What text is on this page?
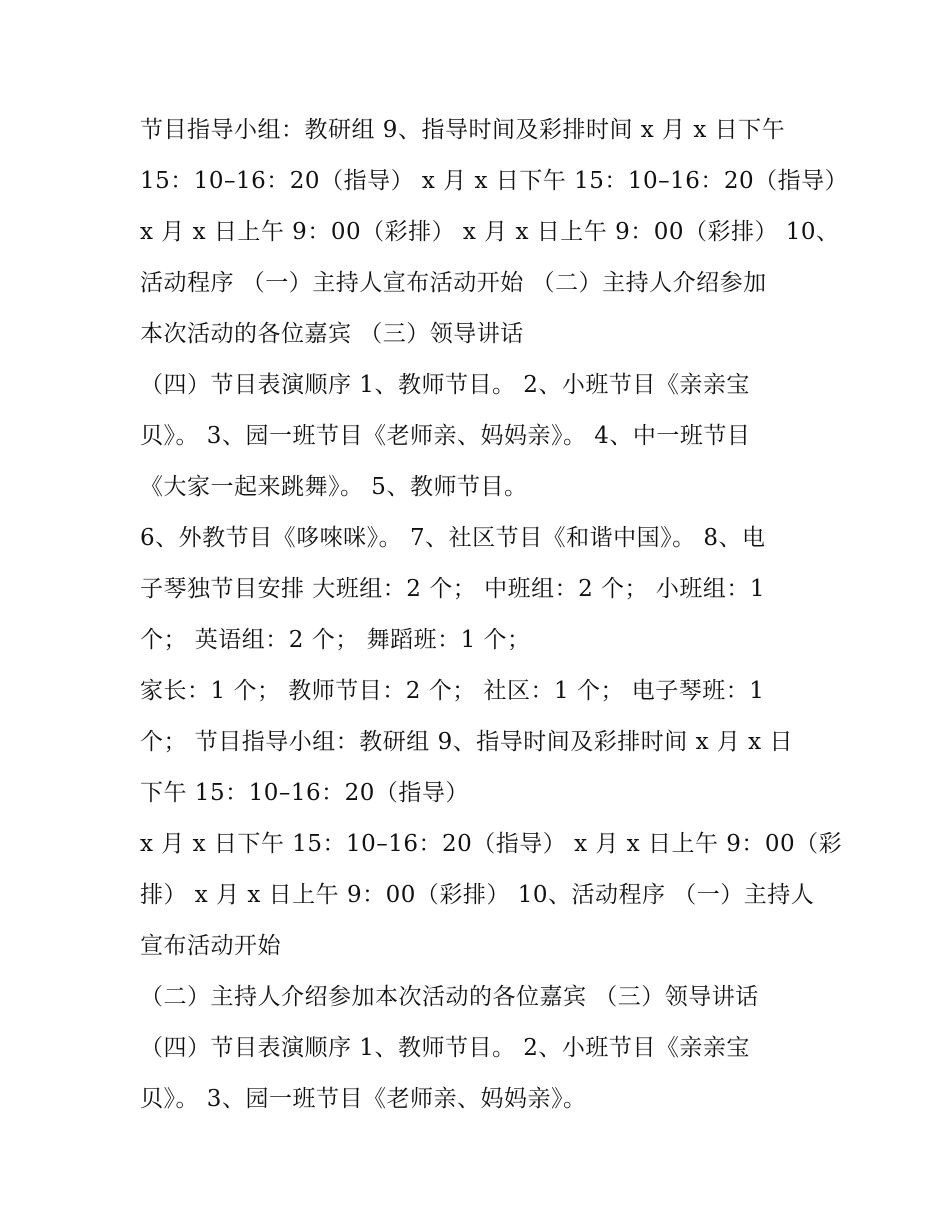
节目指导小组：教研组 9、指导时间及彩排时间 x 月 x 日下午
15：10–16：20（指导） x 月 x 日下午 15：10–16：20（指导）
x 月 x 日上午 9：00（彩排） x 月 x 日上午 9：00（彩排） 10、
活动程序 （一）主持人宣布活动开始 （二）主持人介绍参加
本次活动的各位嘉宾 （三）领导讲话
（四）节目表演顺序 1、教师节目。 2、小班节目《亲亲宝
贝》。 3、园一班节目《老师亲、妈妈亲》。 4、中一班节目
《大家一起来跳舞》。 5、教师节目。
6、外教节目《哆唻咪》。 7、社区节目《和谐中国》。 8、电
子琴独节目安排 大班组：2 个； 中班组：2 个； 小班组：1
个； 英语组：2 个； 舞蹈班：1 个；
家长：1 个； 教师节目：2 个； 社区：1 个； 电子琴班：1
个； 节目指导小组：教研组 9、指导时间及彩排时间 x 月 x 日
下午 15：10–16：20（指导）
x 月 x 日下午 15：10–16：20（指导） x 月 x 日上午 9：00（彩
排） x 月 x 日上午 9：00（彩排） 10、活动程序 （一）主持人
宣布活动开始
（二）主持人介绍参加本次活动的各位嘉宾 （三）领导讲话
（四）节目表演顺序 1、教师节目。 2、小班节目《亲亲宝
贝》。 3、园一班节目《老师亲、妈妈亲》。
